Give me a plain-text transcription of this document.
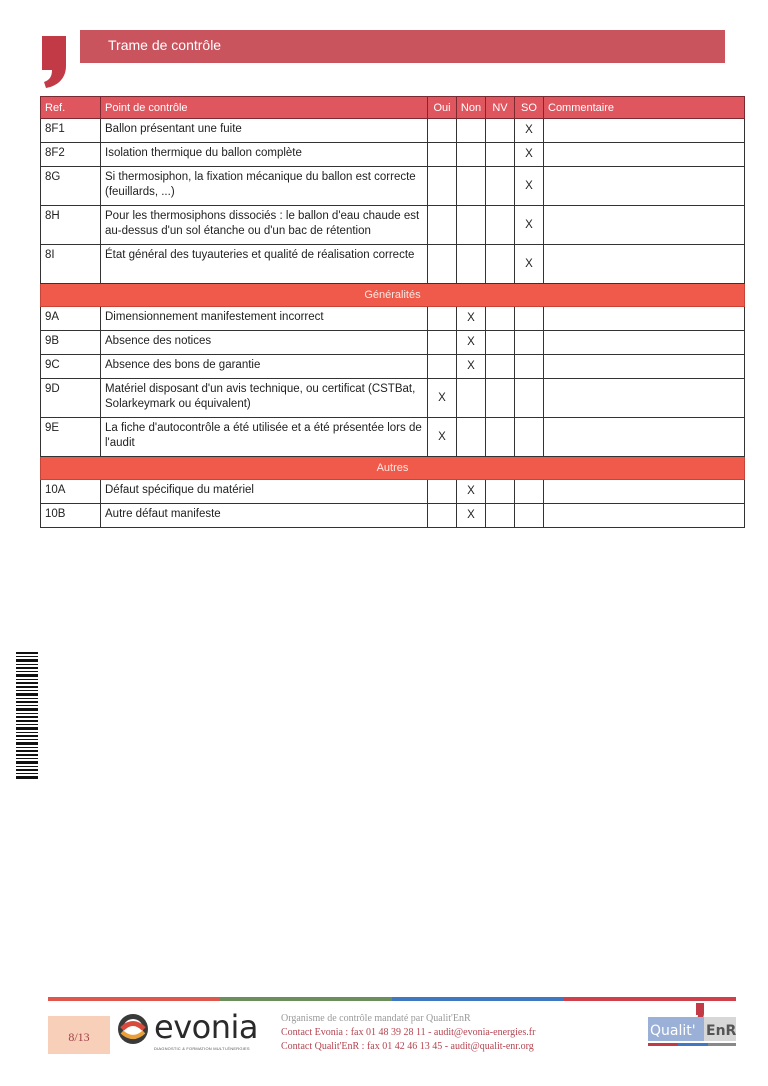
Trame de contrôle
Ref.	Point de contrôle	Oui	Non	NV	SO	Commentaire
8F1	Ballon présentant une fuite				X	
8F2	Isolation thermique du ballon complète				X	
8G	Si thermosiphon, la fixation mécanique du ballon est correcte (feuillards, ...)				X	
8H	Pour les thermosiphons dissociés : le ballon d'eau chaude est au-dessus d'un sol étanche ou d'un bac de rétention				X	
8I	État général des tuyauteries et qualité de réalisation correcte				X	
Généralités						
9A	Dimensionnement manifestement incorrect		X			
9B	Absence des notices		X			
9C	Absence des bons de garantie		X			
9D	Matériel disposant d'un avis technique, ou certificat (CSTBat, Solarkeymark ou équivalent)	X				
9E	La fiche d'autocontrôle a été utilisée et a été présentée lors de l'audit	X				
Autres						
10A	Défaut spécifique du matériel		X			
10B	Autre défaut manifeste		X			
8/13	evonia
DIAGNOSTIC & FORMATION MULTI-ÉNERGIES
Organisme de contrôle mandaté par Qualit'EnR
Contact Evonia : fax 01 48 39 28 11 - audit@evonia-energies.fr
Contact Qualit'EnR : fax 01 42 46 13 45 - audit@qualit-enr.org
Qualit' EnR
